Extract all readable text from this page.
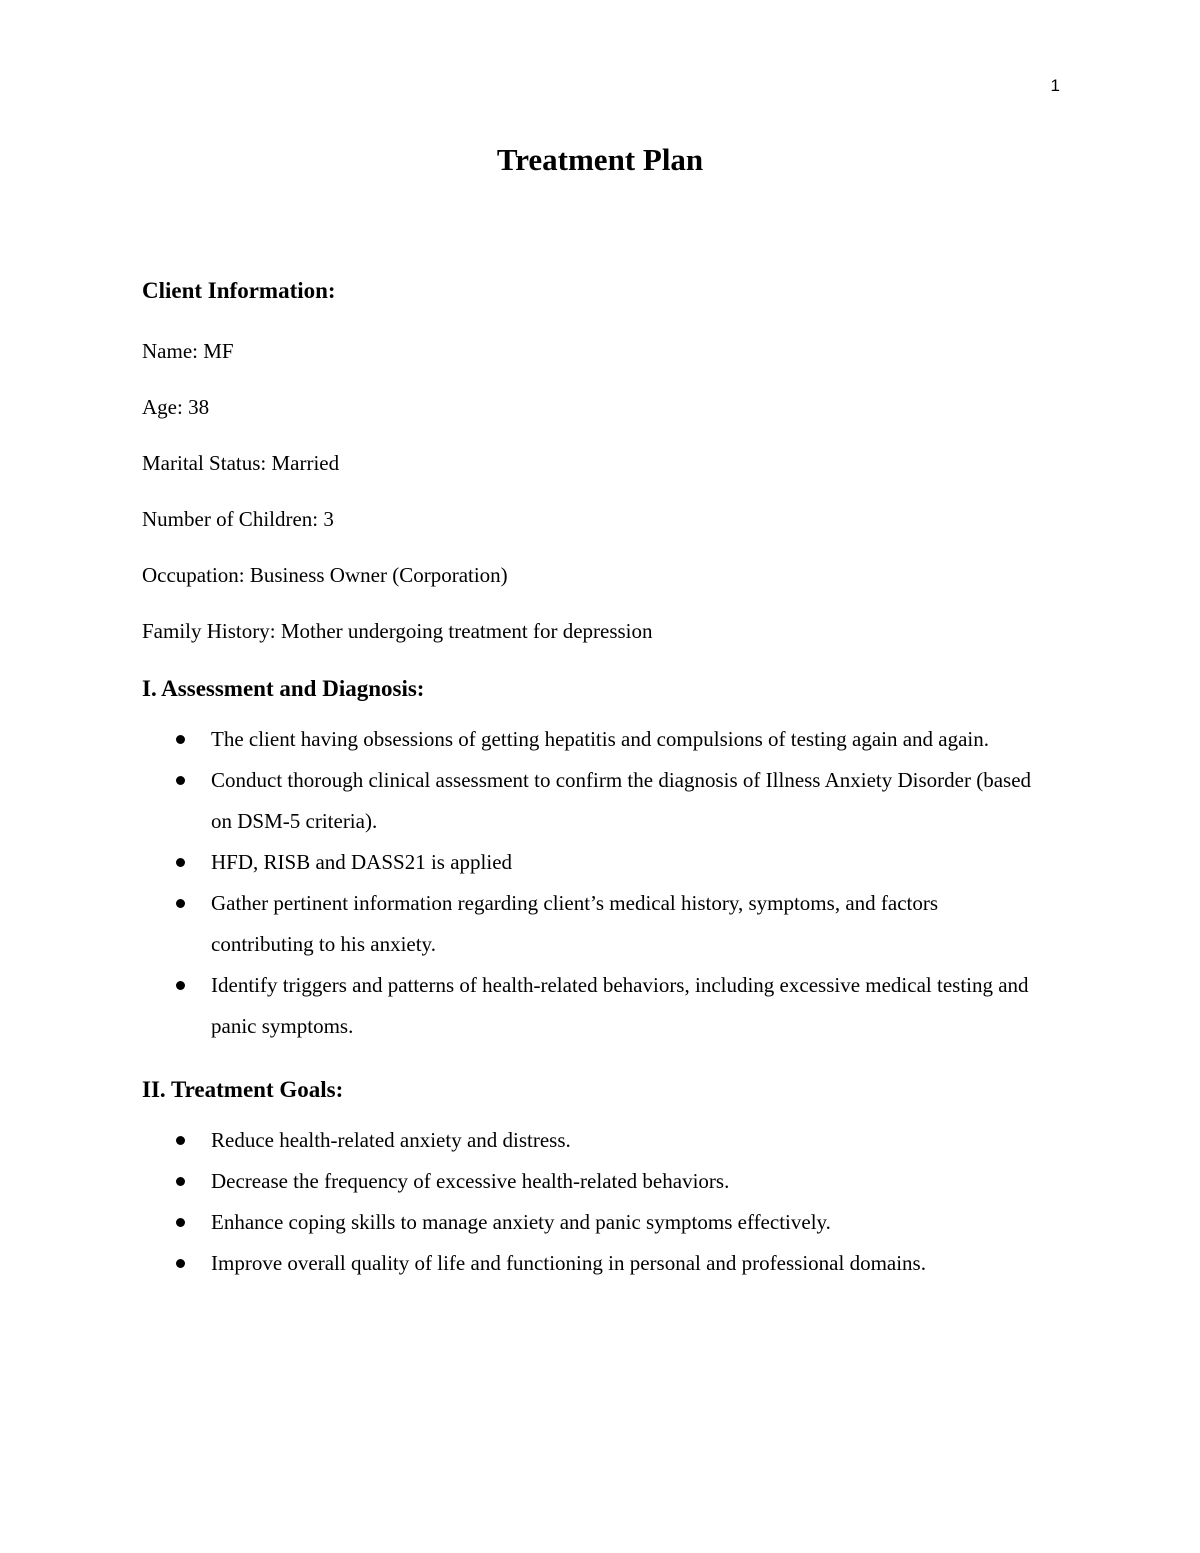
1
Treatment Plan
Client Information:

Name: MF

Age: 38

Marital Status: Married

Number of Children: 3

Occupation: Business Owner (Corporation)

Family History: Mother undergoing treatment for depression

I. Assessment and Diagnosis:
The client having obsessions of getting hepatitis and compulsions of testing again and again.
Conduct thorough clinical assessment to confirm the diagnosis of Illness Anxiety Disorder (based on DSM-5 criteria).
HFD, RISB and DASS21 is applied
Gather pertinent information regarding client’s medical history, symptoms, and factors contributing to his anxiety.
Identify triggers and patterns of health-related behaviors, including excessive medical testing and panic symptoms.
II. Treatment Goals:
Reduce health-related anxiety and distress.
Decrease the frequency of excessive health-related behaviors.
Enhance coping skills to manage anxiety and panic symptoms effectively.
Improve overall quality of life and functioning in personal and professional domains.
